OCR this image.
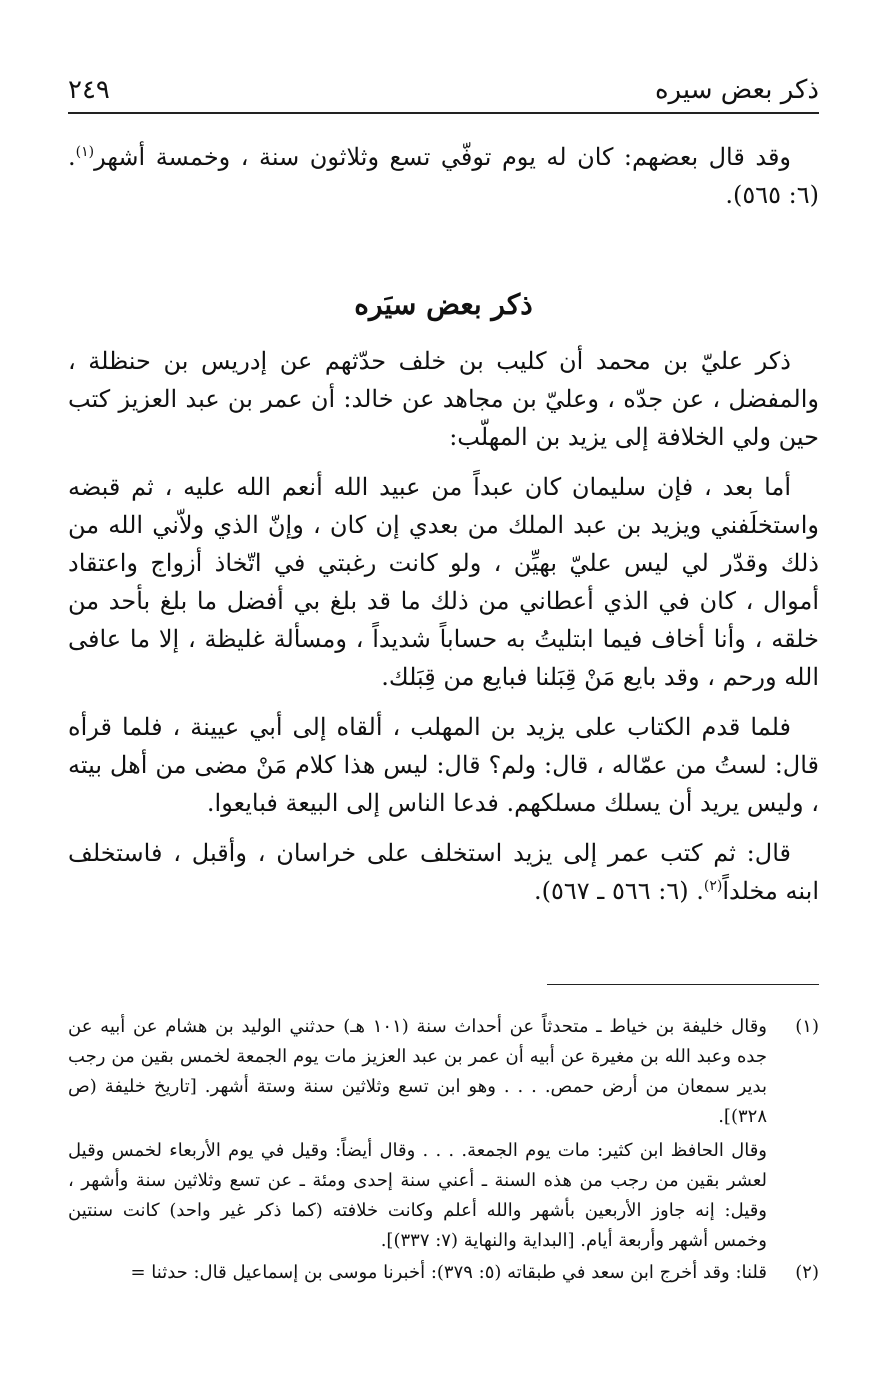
ذكر بعض سيره
٢٤٩

وقد قال بعضهم: كان له يوم توفّي تسع وثلاثون سنة ، وخمسة أشهر$^{(١)}$. (٦: ٥٦٥).

ذكر بعض سيَره

ذكر عليّ بن محمد أن كليب بن خلف حدّثهم عن إدريس بن حنظلة ، والمفضل ، عن جدّه ، وعليّ بن مجاهد عن خالد: أن عمر بن عبد العزيز كتب حين ولي الخلافة إلى يزيد بن المهلّب:

أما بعد ، فإن سليمان كان عبداً من عبيد الله أنعم الله عليه ، ثم قبضه واستخلَفني ويزيد بن عبد الملك من بعدي إن كان ، وإنّ الذي ولاّني الله من ذلك وقدّر لي ليس عليّ بهيِّن ، ولو كانت رغبتي في اتّخاذ أزواج واعتقاد أموال ، كان في الذي أعطاني من ذلك ما قد بلغ بي أفضل ما بلغ بأحد من خلقه ، وأنا أخاف فيما ابتليتُ به حساباً شديداً ، ومسألة غليظة ، إلا ما عافى الله ورحم ، وقد بايع مَنْ قِبَلنا فبايع من قِبَلك.

فلما قدم الكتاب على يزيد بن المهلب ، ألقاه إلى أبي عيينة ، فلما قرأه قال: لستُ من عمّاله ، قال: ولم؟ قال: ليس هذا كلام مَنْ مضى من أهل بيته ، وليس يريد أن يسلك مسلكهم. فدعا الناس إلى البيعة فبايعوا.

قال: ثم كتب عمر إلى يزيد استخلف على خراسان ، وأقبل ، فاستخلف ابنه مخلداً$^{(٢)}$. (٦: ٥٦٦ ـ ٥٦٧).

(١)

وقال خليفة بن خياط ـ متحدثاً عن أحداث سنة (١٠١ هـ) حدثني الوليد بن هشام عن أبيه عن جده وعبد الله بن مغيرة عن أبيه أن عمر بن عبد العزيز مات يوم الجمعة لخمس بقين من رجب بدير سمعان من أرض حمص. . . . وهو ابن تسع وثلاثين سنة وستة أشهر. [تاريخ خليفة (ص ٣٢٨)].

وقال الحافظ ابن كثير: مات يوم الجمعة. . . . وقال أيضاً: وقيل في يوم الأربعاء لخمس وقيل لعشر بقين من رجب من هذه السنة ـ أعني سنة إحدى ومئة ـ عن تسع وثلاثين سنة وأشهر ، وقيل: إنه جاوز الأربعين بأشهر والله أعلم وكانت خلافته (كما ذكر غير واحد) كانت سنتين وخمس أشهر وأربعة أيام. [البداية والنهاية (٧: ٣٣٧)].

(٢)

قلنا: وقد أخرج ابن سعد في طبقاته (٥: ٣٧٩): أخبرنا موسى بن إسماعيل قال: حدثنا =
